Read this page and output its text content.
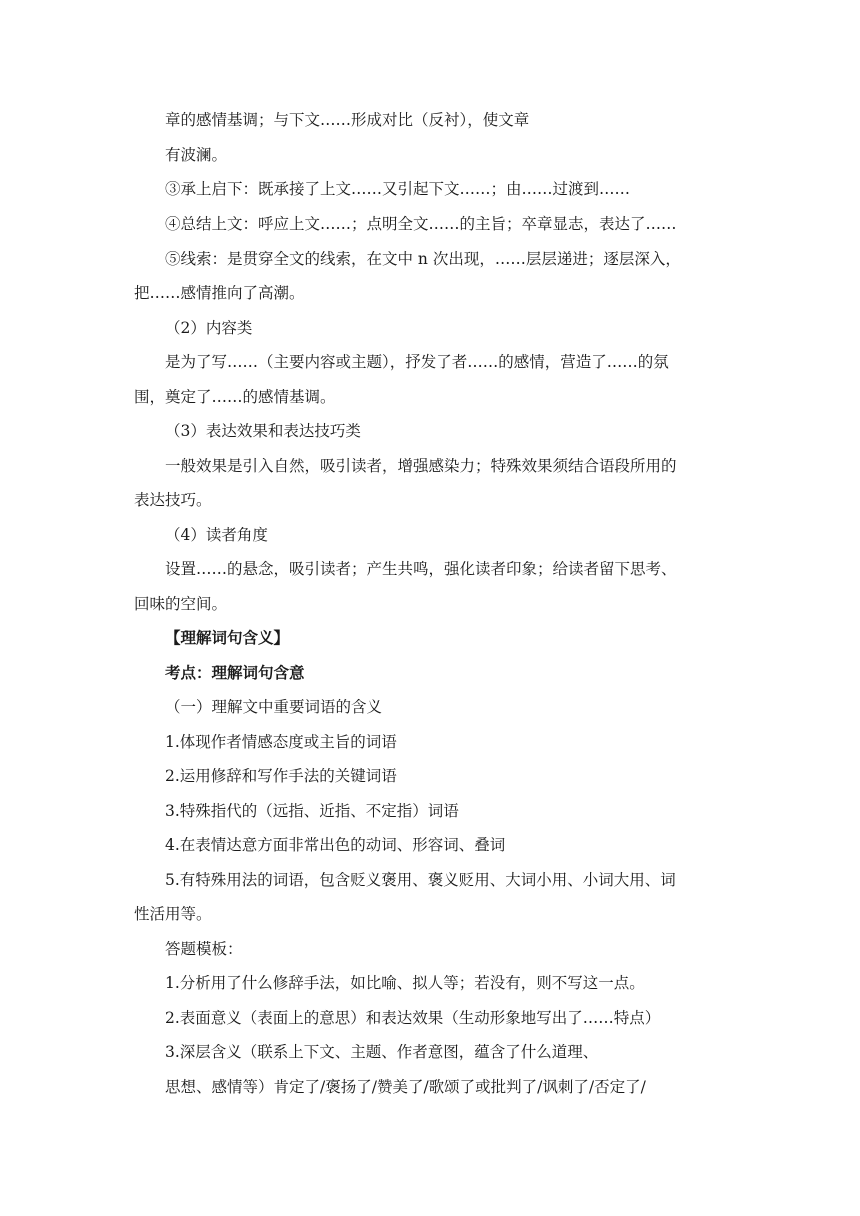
章的感情基调；与下文……形成对比（反衬），使文章
有波澜。
③承上启下：既承接了上文……又引起下文……；由……过渡到……
④总结上文：呼应上文……；点明全文……的主旨；卒章显志，表达了……
⑤线索：是贯穿全文的线索，在文中 n 次出现，……层层递进；逐层深入，
把……感情推向了高潮。
（2）内容类
是为了写……（主要内容或主题），抒发了者……的感情，营造了……的氛
围，奠定了……的感情基调。
（3）表达效果和表达技巧类
一般效果是引入自然，吸引读者，增强感染力；特殊效果须结合语段所用的
表达技巧。
（4）读者角度
设置……的悬念，吸引读者；产生共鸣，强化读者印象；给读者留下思考、
回味的空间。
【理解词句含义】
考点：理解词句含意
（一）理解文中重要词语的含义
1.体现作者情感态度或主旨的词语
2.运用修辞和写作手法的关键词语
3.特殊指代的（远指、近指、不定指）词语
4.在表情达意方面非常出色的动词、形容词、叠词
5.有特殊用法的词语，包含贬义褒用、褒义贬用、大词小用、小词大用、词
性活用等。
答题模板：
1.分析用了什么修辞手法，如比喻、拟人等；若没有，则不写这一点。
2.表面意义（表面上的意思）和表达效果（生动形象地写出了……特点）
3.深层含义（联系上下文、主题、作者意图，蕴含了什么道理、
思想、感情等）肯定了/褒扬了/赞美了/歌颂了或批判了/讽刺了/否定了/
